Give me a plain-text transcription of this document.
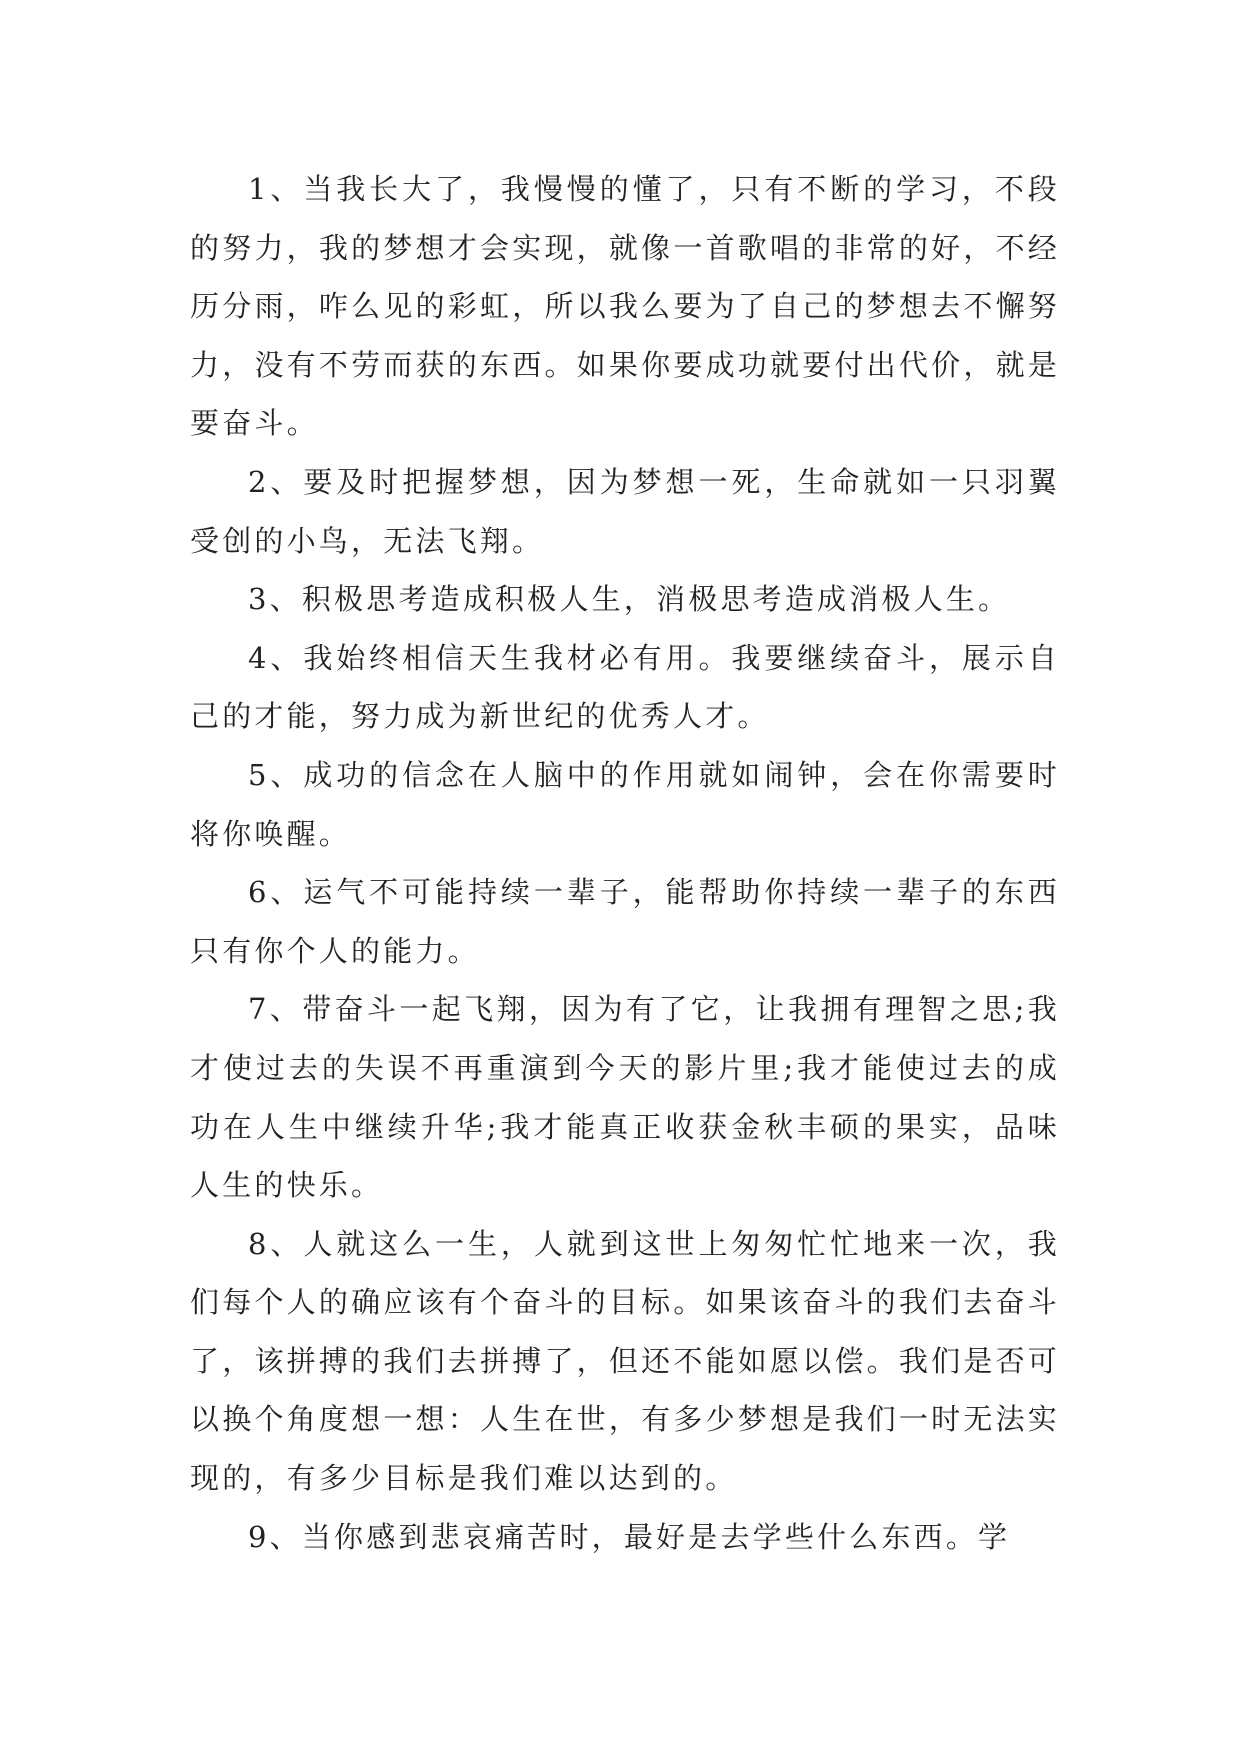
1、当我长大了，我慢慢的懂了，只有不断的学习，不段的努力，我的梦想才会实现，就像一首歌唱的非常的好，不经历分雨，咋么见的彩虹，所以我么要为了自己的梦想去不懈努力，没有不劳而获的东西。如果你要成功就要付出代价，就是要奋斗。

2、要及时把握梦想，因为梦想一死，生命就如一只羽翼受创的小鸟，无法飞翔。

3、积极思考造成积极人生，消极思考造成消极人生。

4、我始终相信天生我材必有用。我要继续奋斗，展示自己的才能，努力成为新世纪的优秀人才。

5、成功的信念在人脑中的作用就如闹钟，会在你需要时将你唤醒。

6、运气不可能持续一辈子，能帮助你持续一辈子的东西只有你个人的能力。

7、带奋斗一起飞翔，因为有了它，让我拥有理智之思;我才使过去的失误不再重演到今天的影片里;我才能使过去的成功在人生中继续升华;我才能真正收获金秋丰硕的果实，品味人生的快乐。

8、人就这么一生，人就到这世上匆匆忙忙地来一次，我们每个人的确应该有个奋斗的目标。如果该奋斗的我们去奋斗了，该拼搏的我们去拼搏了，但还不能如愿以偿。我们是否可以换个角度想一想：人生在世，有多少梦想是我们一时无法实现的，有多少目标是我们难以达到的。

9、当你感到悲哀痛苦时，最好是去学些什么东西。学
